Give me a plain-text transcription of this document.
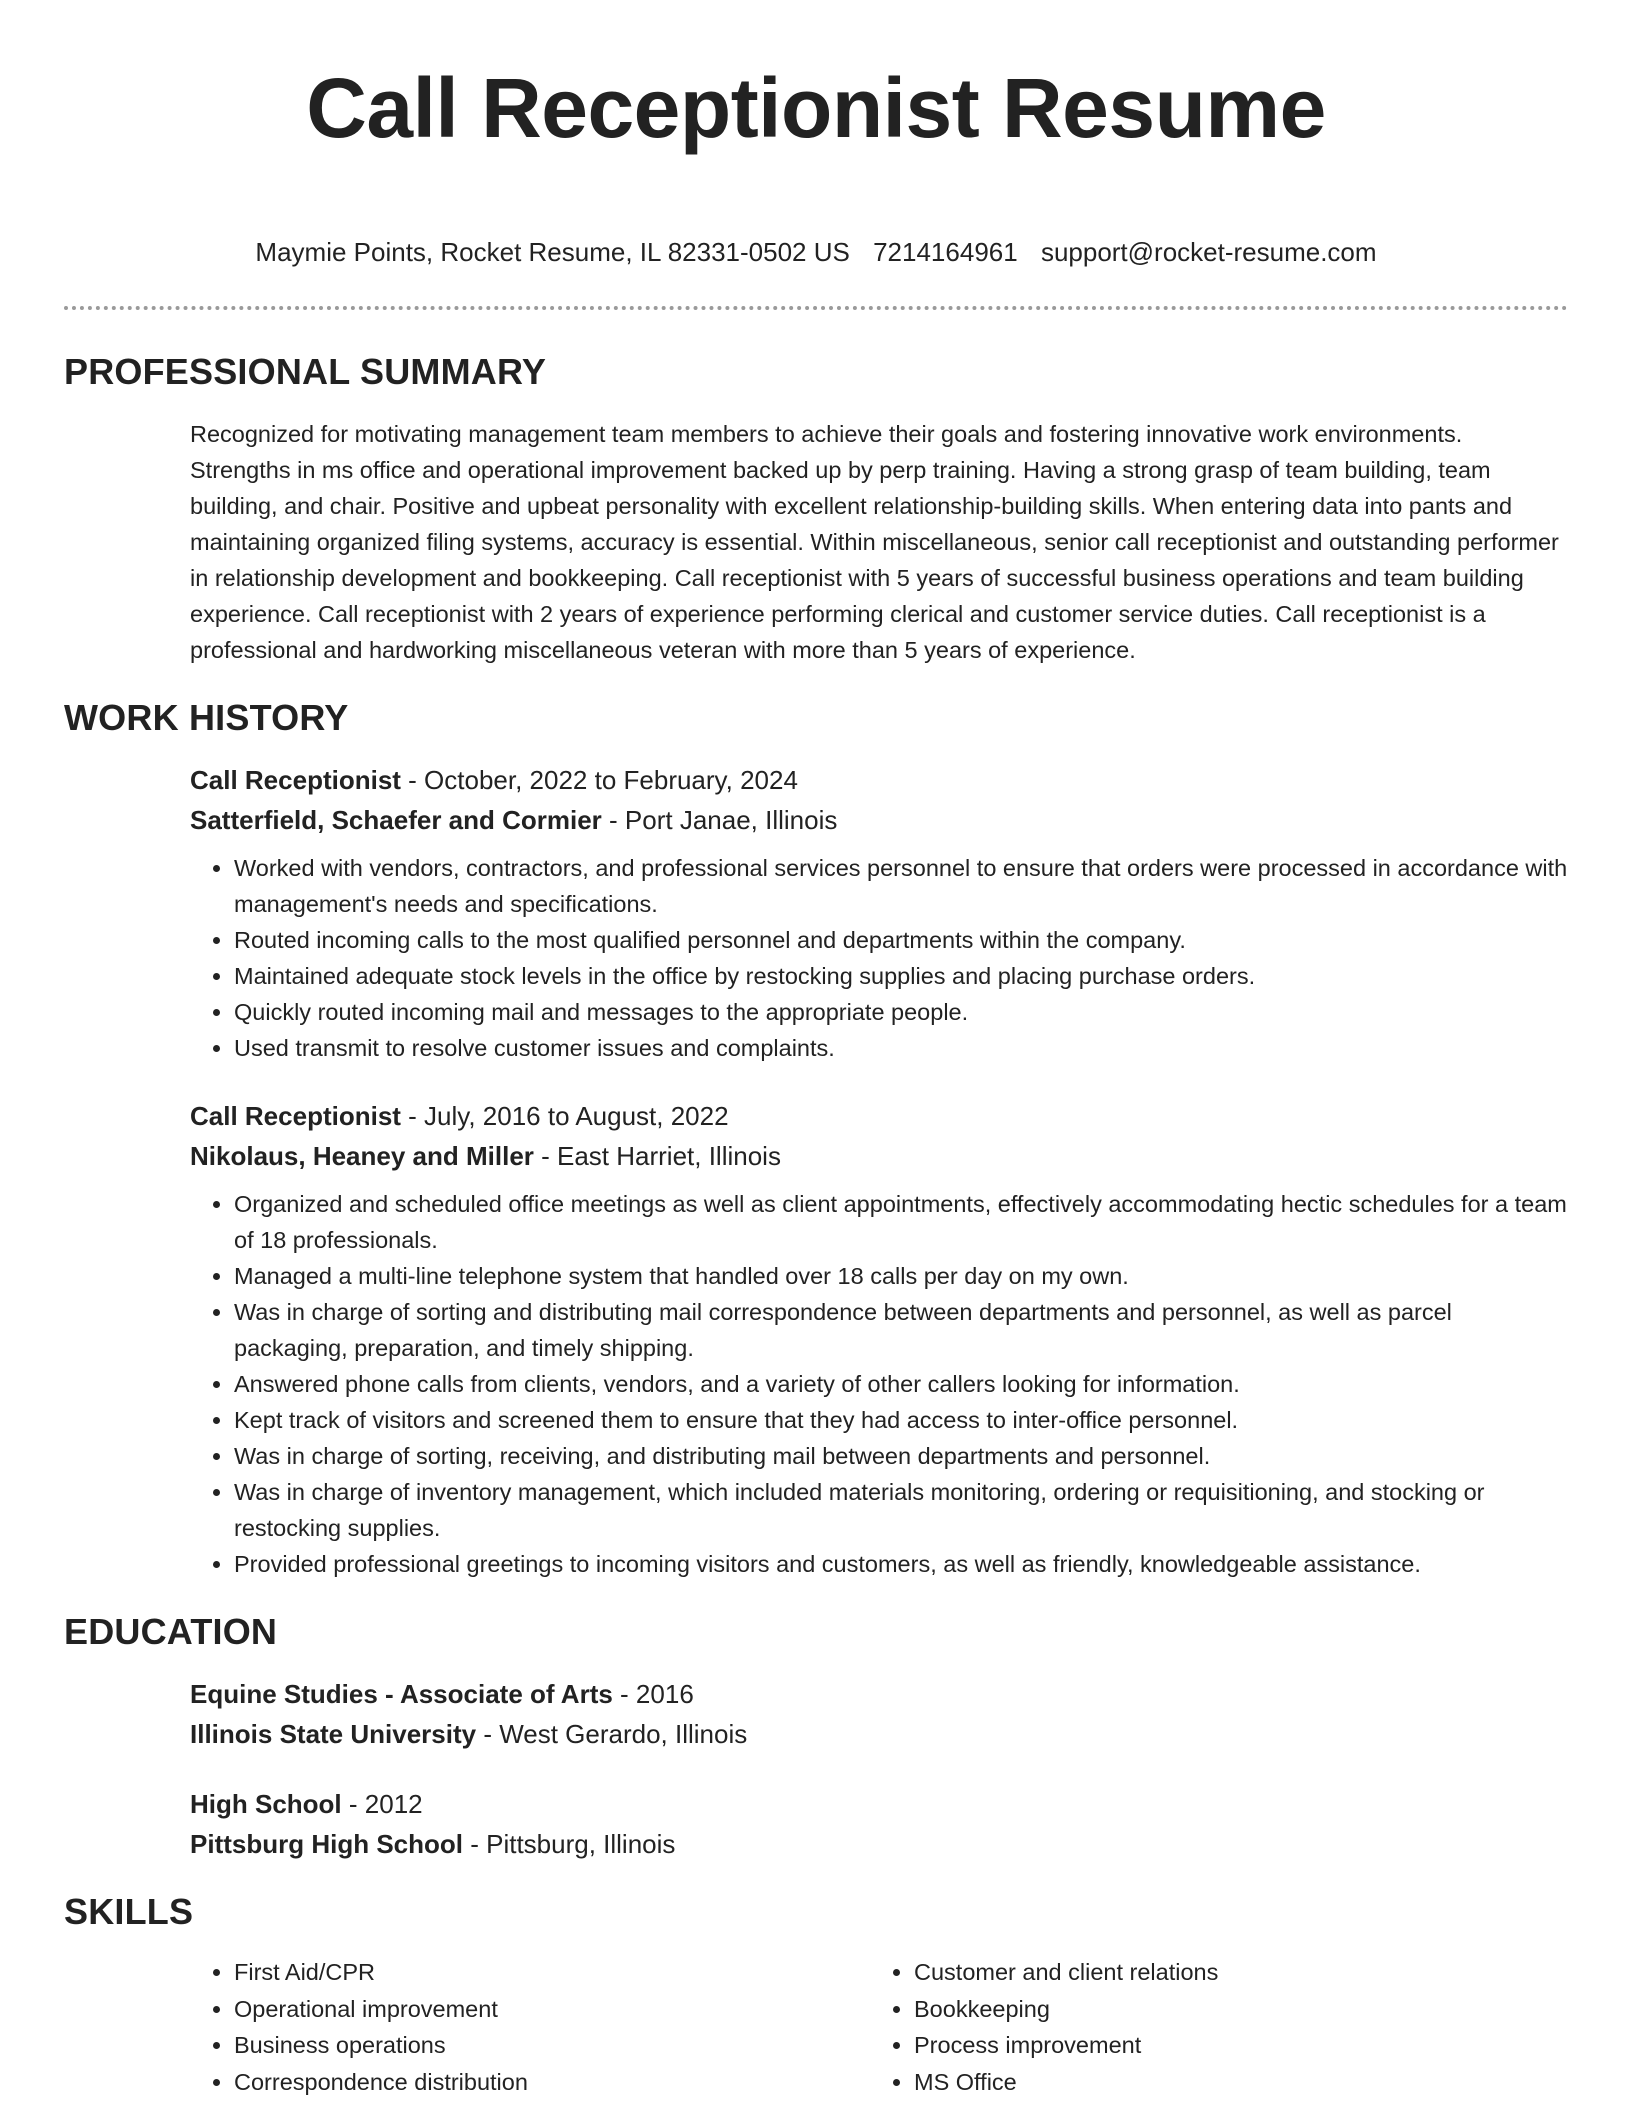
Call Receptionist Resume
Maymie Points, Rocket Resume, IL 82331-0502 US 7214164961 support@rocket-resume.com
PROFESSIONAL SUMMARY

Recognized for motivating management team members to achieve their goals and fostering innovative work environments. Strengths in ms office and operational improvement backed up by perp training. Having a strong grasp of team building, team building, and chair. Positive and upbeat personality with excellent relationship-building skills. When entering data into pants and maintaining organized filing systems, accuracy is essential. Within miscellaneous, senior call receptionist and outstanding performer in relationship development and bookkeeping. Call receptionist with 5 years of successful business operations and team building experience. Call receptionist with 2 years of experience performing clerical and customer service duties. Call receptionist is a professional and hardworking miscellaneous veteran with more than 5 years of experience.

WORK HISTORY

Call Receptionist - October, 2022 to February, 2024

Satterfield, Schaefer and Cormier - Port Janae, Illinois

• Worked with vendors, contractors, and professional services personnel to ensure that orders were processed in accordance with management's needs and specifications.
• Routed incoming calls to the most qualified personnel and departments within the company.
• Maintained adequate stock levels in the office by restocking supplies and placing purchase orders.
• Quickly routed incoming mail and messages to the appropriate people.
• Used transmit to resolve customer issues and complaints.

Call Receptionist - July, 2016 to August, 2022

Nikolaus, Heaney and Miller - East Harriet, Illinois

• Organized and scheduled office meetings as well as client appointments, effectively accommodating hectic schedules for a team of 18 professionals.
• Managed a multi-line telephone system that handled over 18 calls per day on my own.
• Was in charge of sorting and distributing mail correspondence between departments and personnel, as well as parcel packaging, preparation, and timely shipping.
• Answered phone calls from clients, vendors, and a variety of other callers looking for information.
• Kept track of visitors and screened them to ensure that they had access to inter-office personnel.
• Was in charge of sorting, receiving, and distributing mail between departments and personnel.
• Was in charge of inventory management, which included materials monitoring, ordering or requisitioning, and stocking or restocking supplies.
• Provided professional greetings to incoming visitors and customers, as well as friendly, knowledgeable assistance.
EDUCATION

Equine Studies - Associate of Arts - 2016

Illinois State University - West Gerardo, Illinois

High School - 2012

Pittsburg High School - Pittsburg, Illinois

SKILLS
• First Aid/CPR
• Operational improvement
• Business operations
• Correspondence distribution
• Customer and client relations
• Bookkeeping
• Process improvement
• MS Office
